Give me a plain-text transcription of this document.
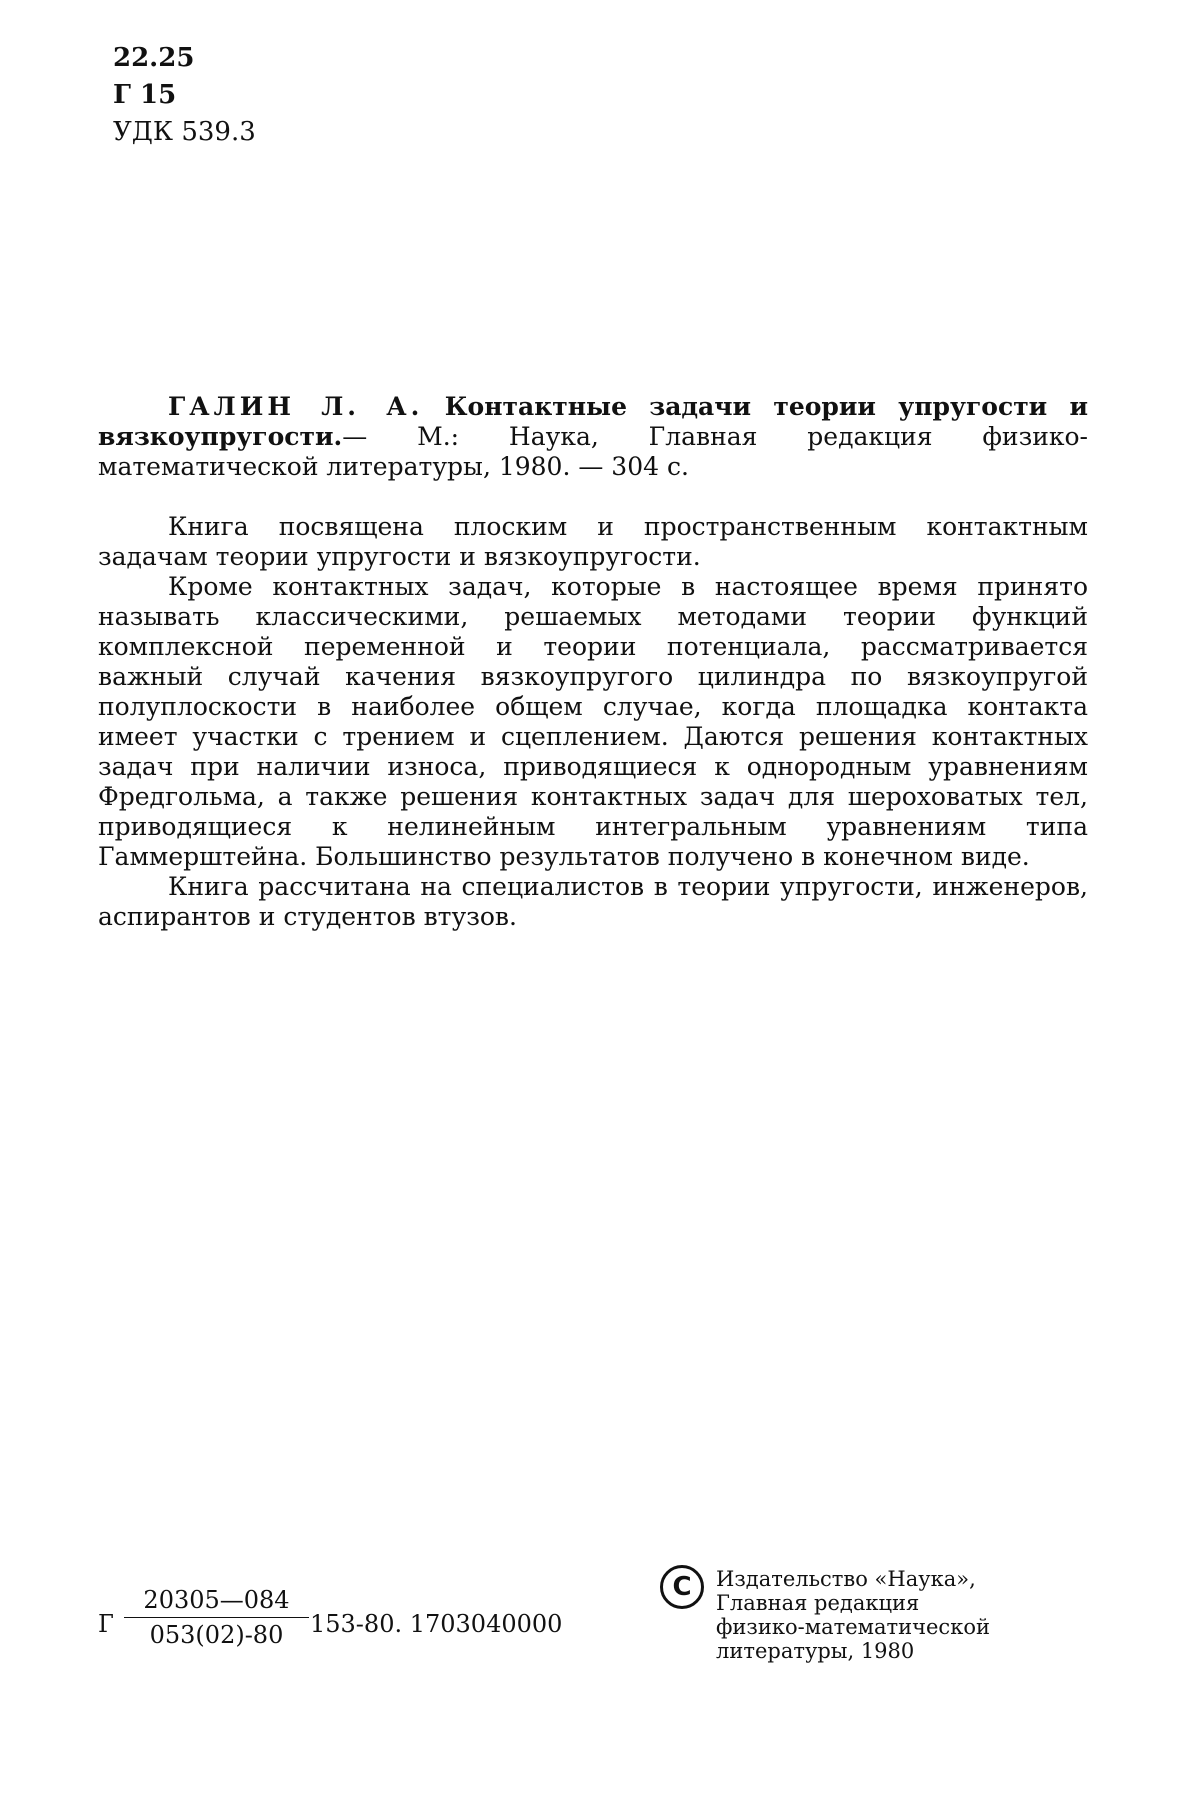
22.25
Г 15
УДК 539.3

ГАЛИН Л. А. Контактные задачи теории упругости и вязкоупругости.— М.: Наука, Главная редакция физико-математической литературы, 1980. — 304 с.

Книга посвящена плоским и пространственным контактным задачам теории упругости и вязкоупругости.

Кроме контактных задач, которые в настоящее время принято называть классическими, решаемых методами теории функций комплексной переменной и теории потенциала, рассматривается важный случай качения вязкоупругого цилиндра по вязкоупругой полуплоскости в наиболее общем случае, когда площадка контакта имеет участки с трением и сцеплением. Даются решения контактных задач при наличии износа, приводящиеся к однородным уравнениям Фредгольма, а также решения контактных задач для шероховатых тел, приводящиеся к нелинейным интегральным уравнениям типа Гаммерштейна. Большинство результатов получено в конечном виде.

Книга рассчитана на специалистов в теории упругости, инженеров, аспирантов и студентов втузов.

Г $\frac{20305—084}{053(02)-80} 153-80$. 1703040000
C	Издательство «Наука»,
Главная редакция
физико-математической
литературы, 1980
